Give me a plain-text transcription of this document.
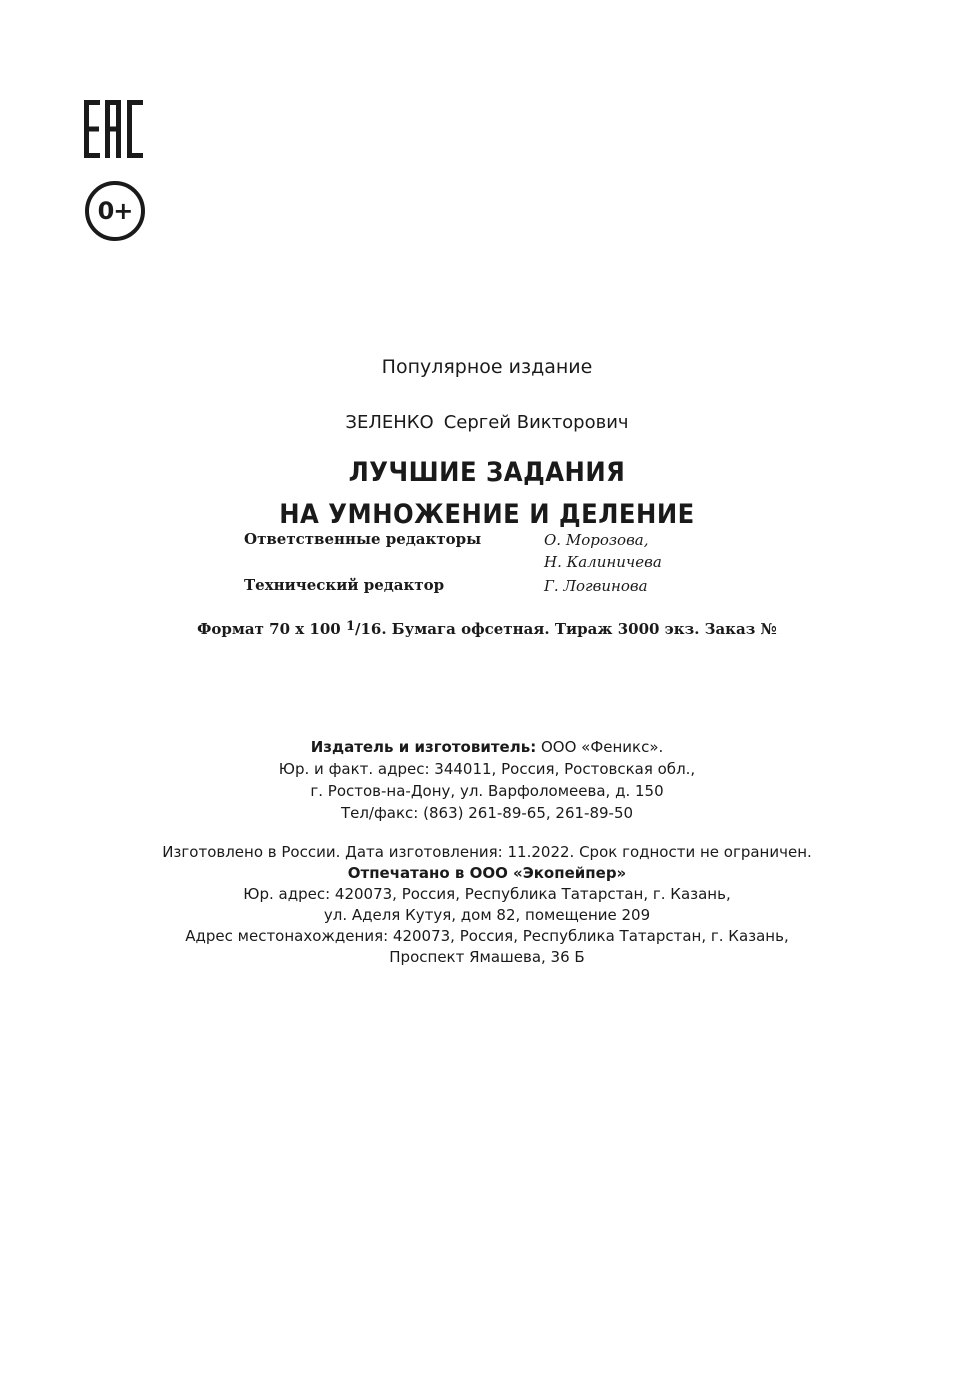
0+
Популярное издание
ЗЕЛЕНКО Сергей Викторович
ЛУЧШИЕ ЗАДАНИЯ
НА УМНОЖЕНИЕ И ДЕЛЕНИЕ
Ответственные редакторы	О. Морозова,
Н. Калиничева
Технический редактор	Г. Логвинова
Формат 70 x 100 $^1$/16. Бумага офсетная. Тираж 3000 экз. Заказ №
Издатель и изготовитель: ООО «Феникс».
Юр. и факт. адрес: 344011, Россия, Ростовская обл.,
г. Ростов-на-Дону, ул. Варфоломеева, д. 150
Тел/факс: (863) 261-89-65, 261-89-50
Изготовлено в России. Дата изготовления: 11.2022. Срок годности не ограничен.
Отпечатано в ООО «Экопейпер»
Юр. адрес: 420073, Россия, Республика Татарстан, г. Казань,
ул. Аделя Кутуя, дом 82, помещение 209
Адрес местонахождения: 420073, Россия, Республика Татарстан, г. Казань,
Проспект Ямашева, 36 Б
